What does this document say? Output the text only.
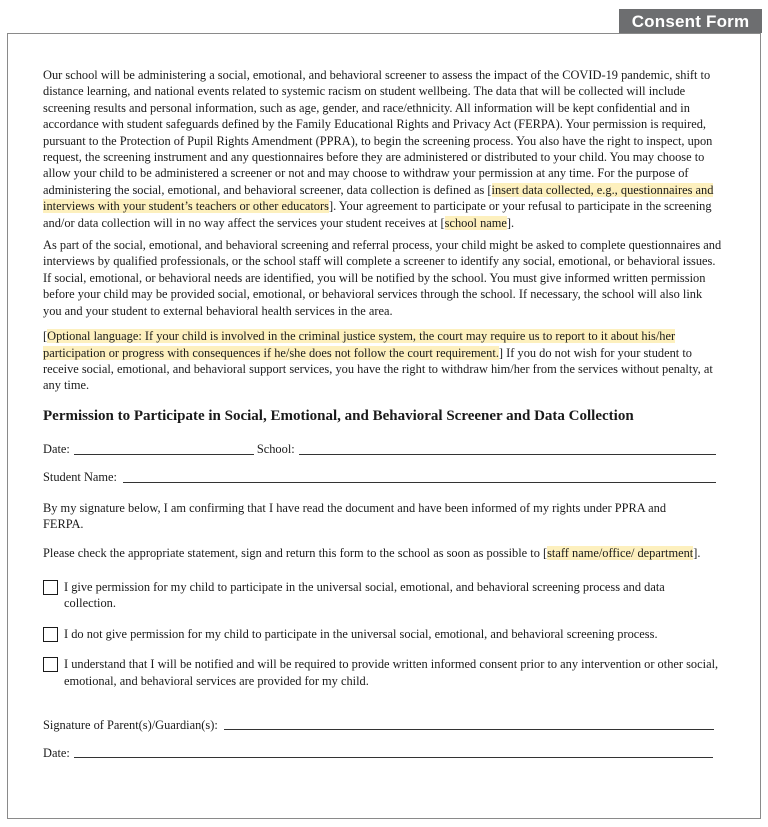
Consent Form

Our school will be administering a social, emotional, and behavioral screener to assess the impact of the COVID-19 pandemic, shift to distance learning, and national events related to systemic racism on student wellbeing. The data that will be collected will include screening results and personal information, such as age, gender, and race/ethnicity. All information will be kept confidential and in accordance with student safeguards defined by the Family Educational Rights and Privacy Act (FERPA). Your permission is required, pursuant to the Protection of Pupil Rights Amendment (PPRA), to begin the screening process. You also have the right to inspect, upon request, the screening instrument and any questionnaires before they are administered or distributed to your child. You may choose to allow your child to be administered a screener or not and may choose to withdraw your permission at any time. For the purpose of administering the social, emotional, and behavioral screener, data collection is defined as [insert data collected, e.g., questionnaires and interviews with your student’s teachers or other educators]. Your agreement to participate or your refusal to participate in the screening and/or data collection will in no way affect the services your student receives at [school name].

As part of the social, emotional, and behavioral screening and referral process, your child might be asked to complete questionnaires and interviews by qualified professionals, or the school staff will complete a screener to identify any social, emotional, or behavioral issues. If social, emotional, or behavioral needs are identified, you will be notified by the school. You must give informed written permission before your child may be provided social, emotional, or behavioral services through the school. If necessary, the school will also link you and your student to external behavioral health services in the area.

[Optional language: If your child is involved in the criminal justice system, the court may require us to report to it about his/her participation or progress with consequences if he/she does not follow the court requirement.] If you do not wish for your student to receive social, emotional, and behavioral support services, you have the right to withdraw him/her from the services without penalty, at any time.

Permission to Participate in Social, Emotional, and Behavioral Screener and Data Collection
Date:	School:
Student Name:

By my signature below, I am confirming that I have read the document and have been informed of my rights under PPRA and FERPA.

Please check the appropriate statement, sign and return this form to the school as soon as possible to [staff name/office/ department].

I give permission for my child to participate in the universal social, emotional, and behavioral screening process and data collection.
I do not give permission for my child to participate in the universal social, emotional, and behavioral screening process.
I understand that I will be notified and will be required to provide written informed consent prior to any intervention or other social, emotional, and behavioral services are provided for my child.
Signature of Parent(s)/Guardian(s):
Date:
